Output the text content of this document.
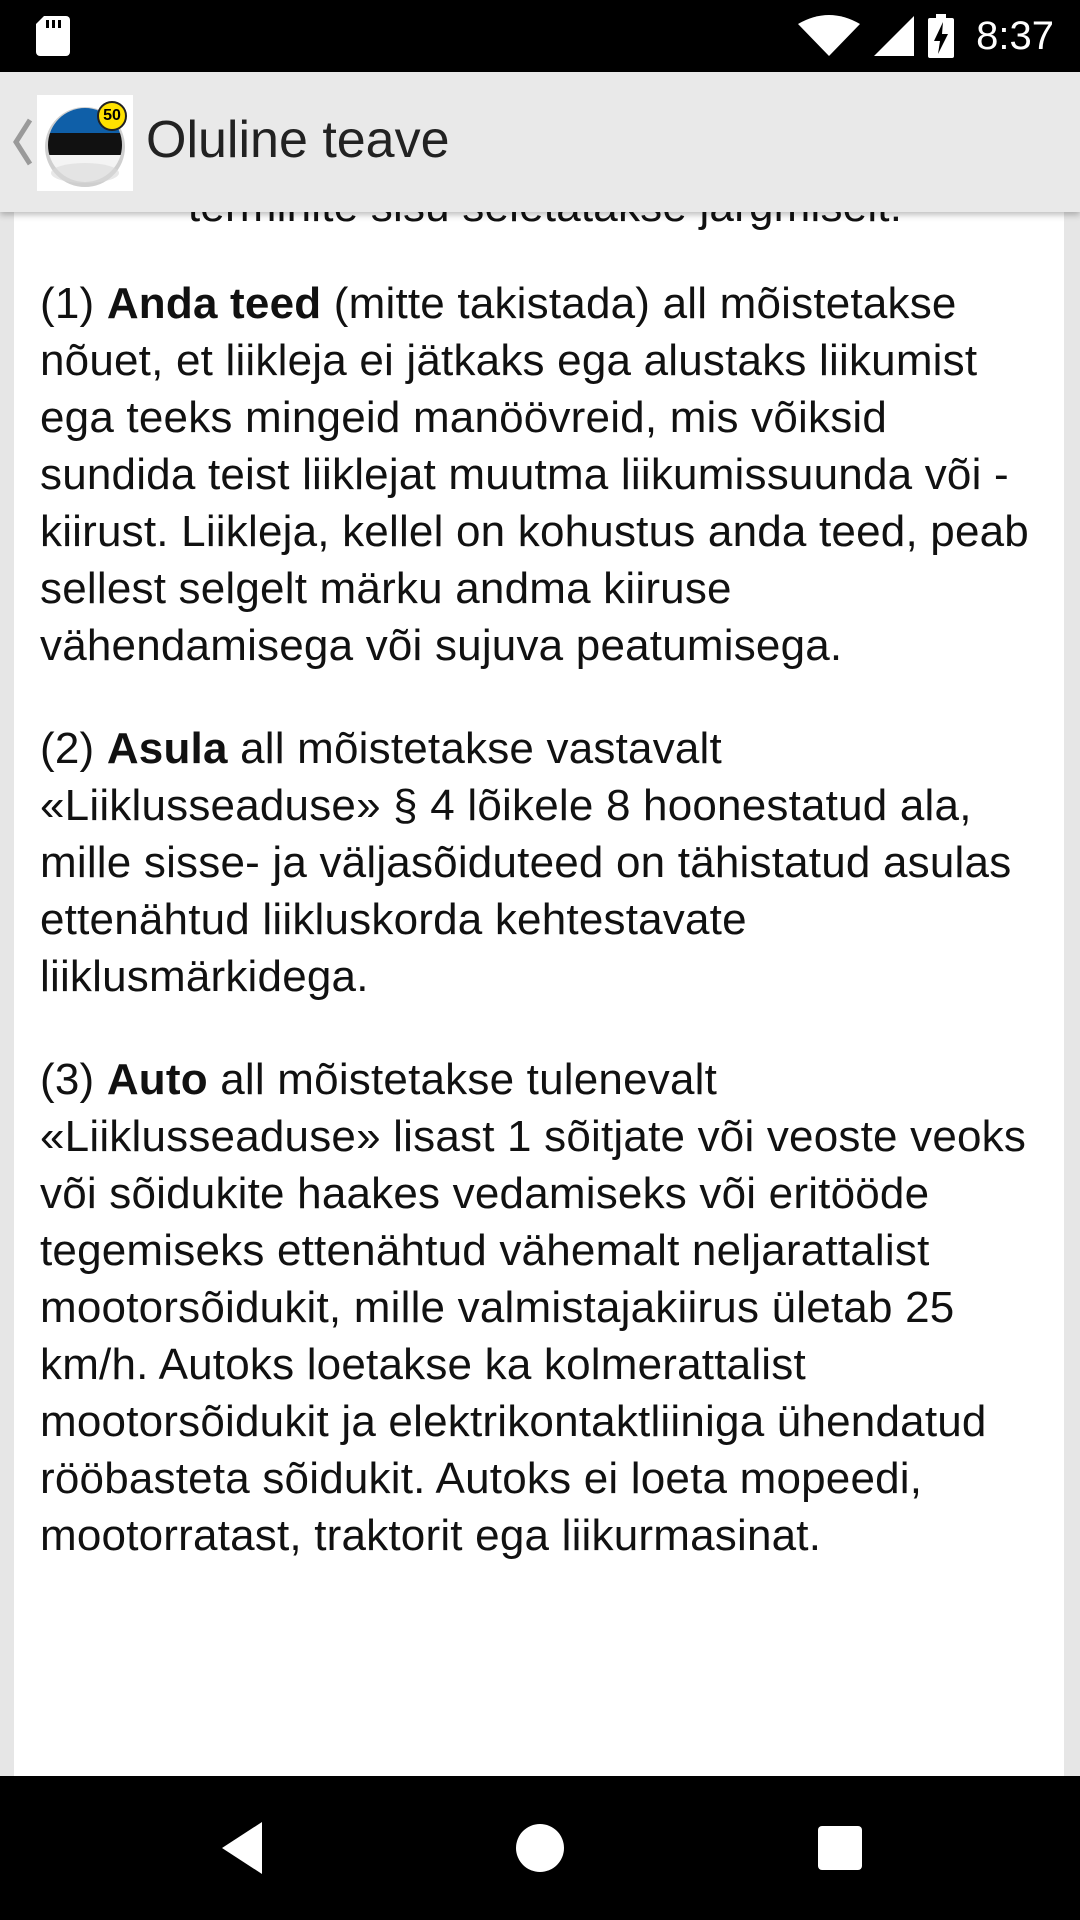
8:37
50 Oluline teave

(1) Anda teed (mitte takistada) all mõistetakse nõuet, et liikleja ei jätkaks ega alustaks liikumist ega teeks mingeid manöövreid, mis võiksid sundida teist liiklejat muutma liikumissuunda või -kiirust. Liikleja, kellel on kohustus anda teed, peab sellest selgelt märku andma kiiruse vähendamisega või sujuva peatumisega.

(2) Asula all mõistetakse vastavalt «Liiklusseaduse» § 4 lõikele 8 hoonestatud ala, mille sisse- ja väljasõiduteed on tähistatud asulas ettenähtud liikluskorda kehtestavate liiklusmärkidega.

(3) Auto all mõistetakse tulenevalt «Liiklusseaduse» lisast 1 sõitjate või veoste veoks või sõidukite haakes vedamiseks või eritööde tegemiseks ettenähtud vähemalt neljarattalist mootorsõidukit, mille valmistajakiirus ületab 25 km/h. Autoks loetakse ka kolmerattalist mootorsõidukit ja elektrikontaktliiniga ühendatud rööbasteta sõidukit. Autoks ei loeta mopeedi, mootorratast, traktorit ega liikurmasinat.
